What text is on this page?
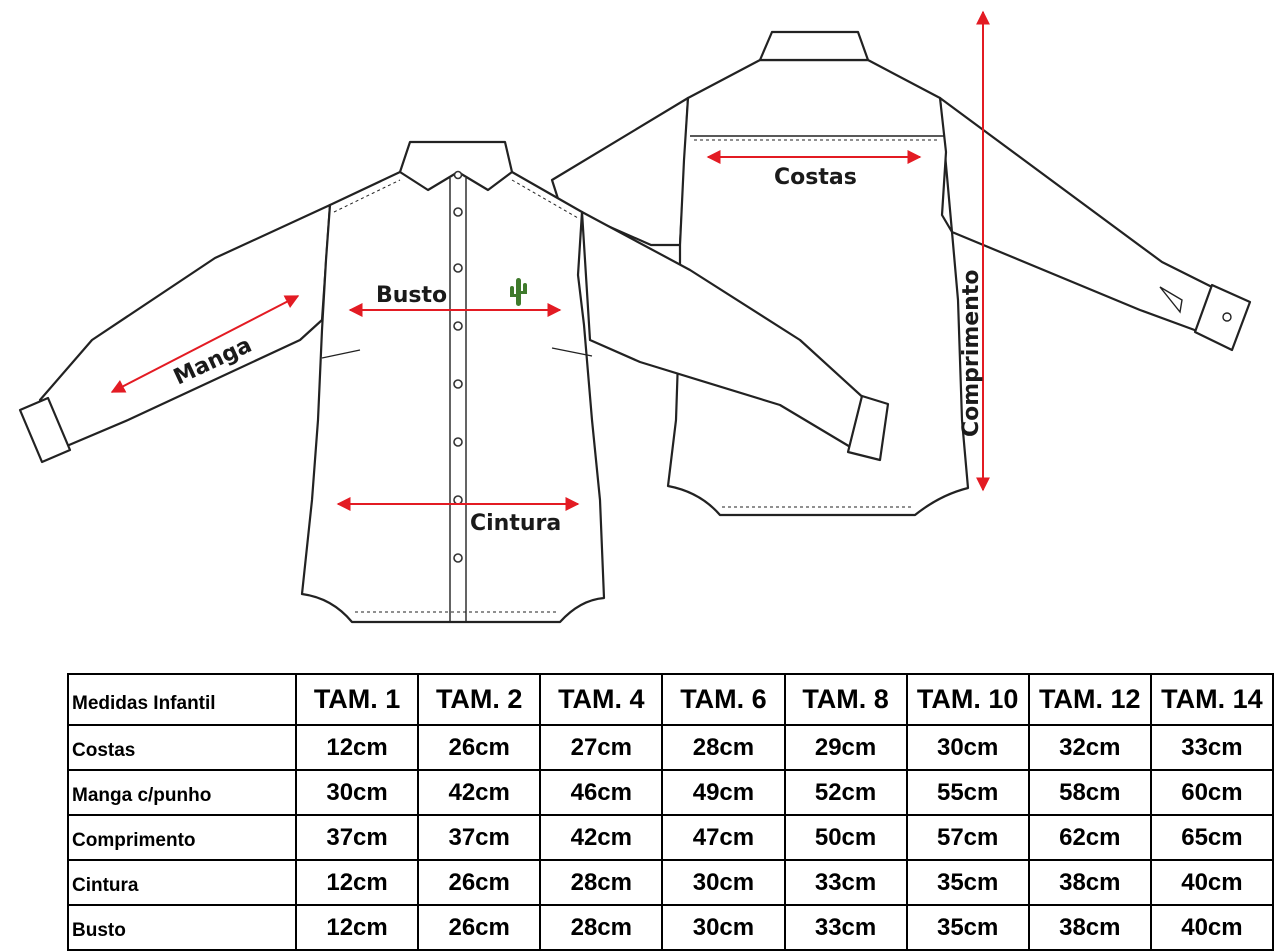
Busto
Manga
Cintura
Costas
Comprimento
Medidas Infantil	TAM. 1	TAM. 2	TAM. 4	TAM. 6	TAM. 8	TAM. 10	TAM. 12	TAM. 14
Costas	12cm	26cm	27cm	28cm	29cm	30cm	32cm	33cm
Manga c/punho	30cm	42cm	46cm	49cm	52cm	55cm	58cm	60cm
Comprimento	37cm	37cm	42cm	47cm	50cm	57cm	62cm	65cm
Cintura	12cm	26cm	28cm	30cm	33cm	35cm	38cm	40cm
Busto	12cm	26cm	28cm	30cm	33cm	35cm	38cm	40cm
